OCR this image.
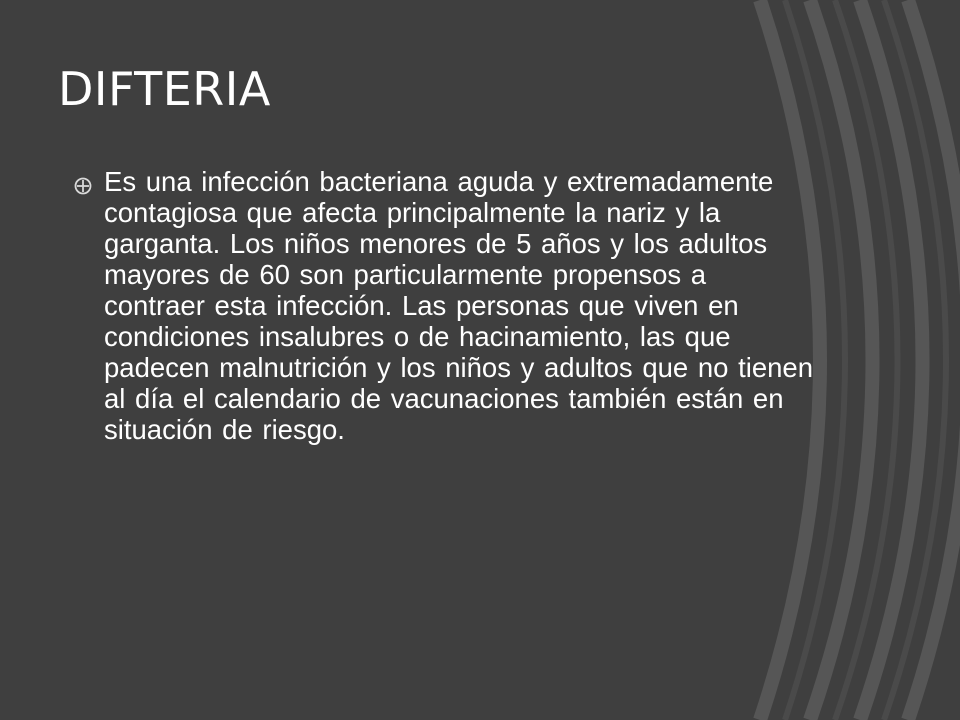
DIFTERIA
Es una infección bacteriana aguda y extremadamente contagiosa que afecta principalmente la nariz y la garganta. Los niños menores de 5 años y los adultos mayores de 60 son particularmente propensos a contraer esta infección. Las personas que viven en condiciones insalubres o de hacinamiento, las que padecen malnutrición y los niños y adultos que no tienen al día el calendario de vacunaciones también están en situación de riesgo.
